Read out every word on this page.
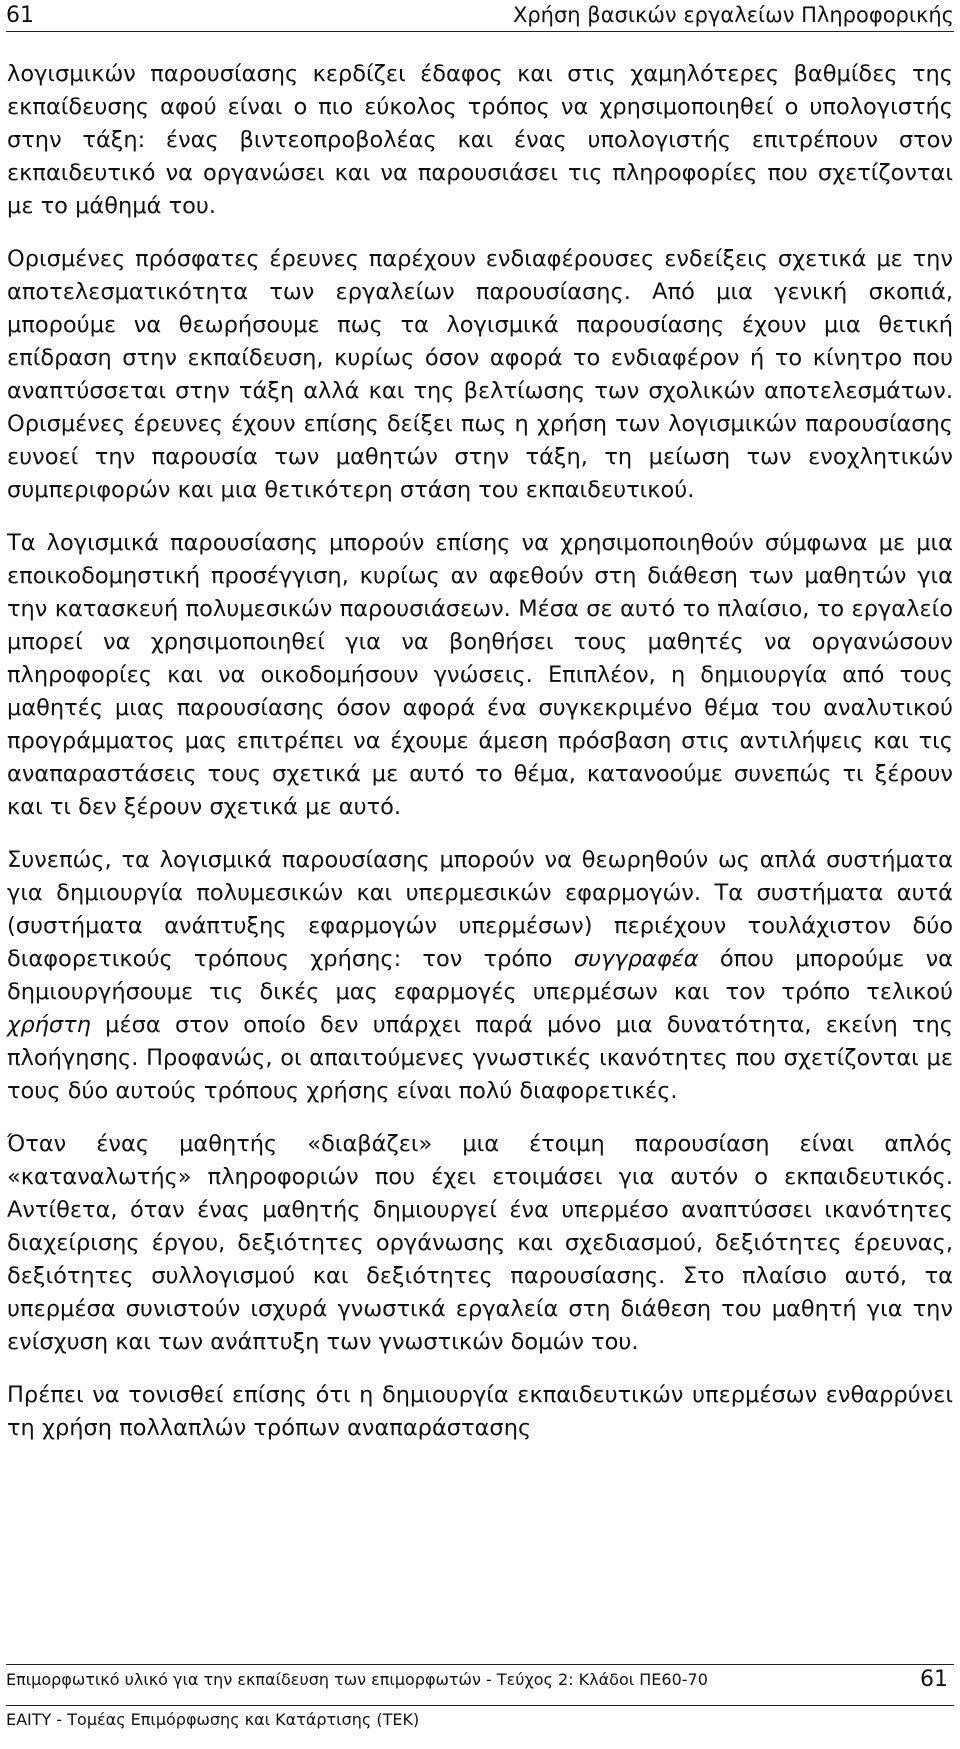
61	Χρήση βασικών εργαλείων Πληροφορικής

λογισμικών παρουσίασης κερδίζει έδαφος και στις χαμηλότερες βαθμίδες της εκπαίδευσης αφού είναι ο πιο εύκολος τρόπος να χρησιμοποιηθεί ο υπολογιστής στην τάξη: ένας βιντεοπροβολέας και ένας υπολογιστής επιτρέπουν στον εκπαιδευτικό να οργανώσει και να παρουσιάσει τις πληροφορίες που σχετίζονται με το μάθημά του.

Ορισμένες πρόσφατες έρευνες παρέχουν ενδιαφέρουσες ενδείξεις σχετικά με την αποτελεσματικότητα των εργαλείων παρουσίασης. Από μια γενική σκοπιά, μπορούμε να θεωρήσουμε πως τα λογισμικά παρουσίασης έχουν μια θετική επίδραση στην εκπαίδευση, κυρίως όσον αφορά το ενδιαφέρον ή το κίνητρο που αναπτύσσεται στην τάξη αλλά και της βελτίωσης των σχολικών αποτελεσμάτων. Ορισμένες έρευνες έχουν επίσης δείξει πως η χρήση των λογισμικών παρουσίασης ευνοεί την παρουσία των μαθητών στην τάξη, τη μείωση των ενοχλητικών συμπεριφορών και μια θετικότερη στάση του εκπαιδευτικού.

Τα λογισμικά παρουσίασης μπορούν επίσης να χρησιμοποιηθούν σύμφωνα με μια εποικοδομηστική προσέγγιση, κυρίως αν αφεθούν στη διάθεση των μαθητών για την κατασκευή πολυμεσικών παρουσιάσεων. Μέσα σε αυτό το πλαίσιο, το εργαλείο μπορεί να χρησιμοποιηθεί για να βοηθήσει τους μαθητές να οργανώσουν πληροφορίες και να οικοδομήσουν γνώσεις. Επιπλέον, η δημιουργία από τους μαθητές μιας παρουσίασης όσον αφορά ένα συγκεκριμένο θέμα του αναλυτικού προγράμματος μας επιτρέπει να έχουμε άμεση πρόσβαση στις αντιλήψεις και τις αναπαραστάσεις τους σχετικά με αυτό το θέμα, κατανοούμε συνεπώς τι ξέρουν και τι δεν ξέρουν σχετικά με αυτό.

Συνεπώς, τα λογισμικά παρουσίασης μπορούν να θεωρηθούν ως απλά συστήματα για δημιουργία πολυμεσικών και υπερμεσικών εφαρμογών. Τα συστήματα αυτά (συστήματα ανάπτυξης εφαρμογών υπερμέσων) περιέχουν τουλάχιστον δύο διαφορετικούς τρόπους χρήσης: τον τρόπο συγγραφέα όπου μπορούμε να δημιουργήσουμε τις δικές μας εφαρμογές υπερμέσων και τον τρόπο τελικού χρήστη μέσα στον οποίο δεν υπάρχει παρά μόνο μια δυνατότητα, εκείνη της πλοήγησης. Προφανώς, οι απαιτούμενες γνωστικές ικανότητες που σχετίζονται με τους δύο αυτούς τρόπους χρήσης είναι πολύ διαφορετικές.

Όταν ένας μαθητής «διαβάζει» μια έτοιμη παρουσίαση είναι απλός «καταναλωτής» πληροφοριών που έχει ετοιμάσει για αυτόν ο εκπαιδευτικός. Αντίθετα, όταν ένας μαθητής δημιουργεί ένα υπερμέσο αναπτύσσει ικανότητες διαχείρισης έργου, δεξιότητες οργάνωσης και σχεδιασμού, δεξιότητες έρευνας, δεξιότητες συλλογισμού και δεξιότητες παρουσίασης. Στο πλαίσιο αυτό, τα υπερμέσα συνιστούν ισχυρά γνωστικά εργαλεία στη διάθεση του μαθητή για την ενίσχυση και των ανάπτυξη των γνωστικών δομών του.

Πρέπει να τονισθεί επίσης ότι η δημιουργία εκπαιδευτικών υπερμέσων ενθαρρύνει τη χρήση πολλαπλών τρόπων αναπαράστασης

Επιμορφωτικό υλικό για την εκπαίδευση των επιμορφωτών - Τεύχος 2: Κλάδοι ΠΕ60-70	61
ΕΑΙΤΥ - Τομέας Επιμόρφωσης και Κατάρτισης (ΤΕΚ)
